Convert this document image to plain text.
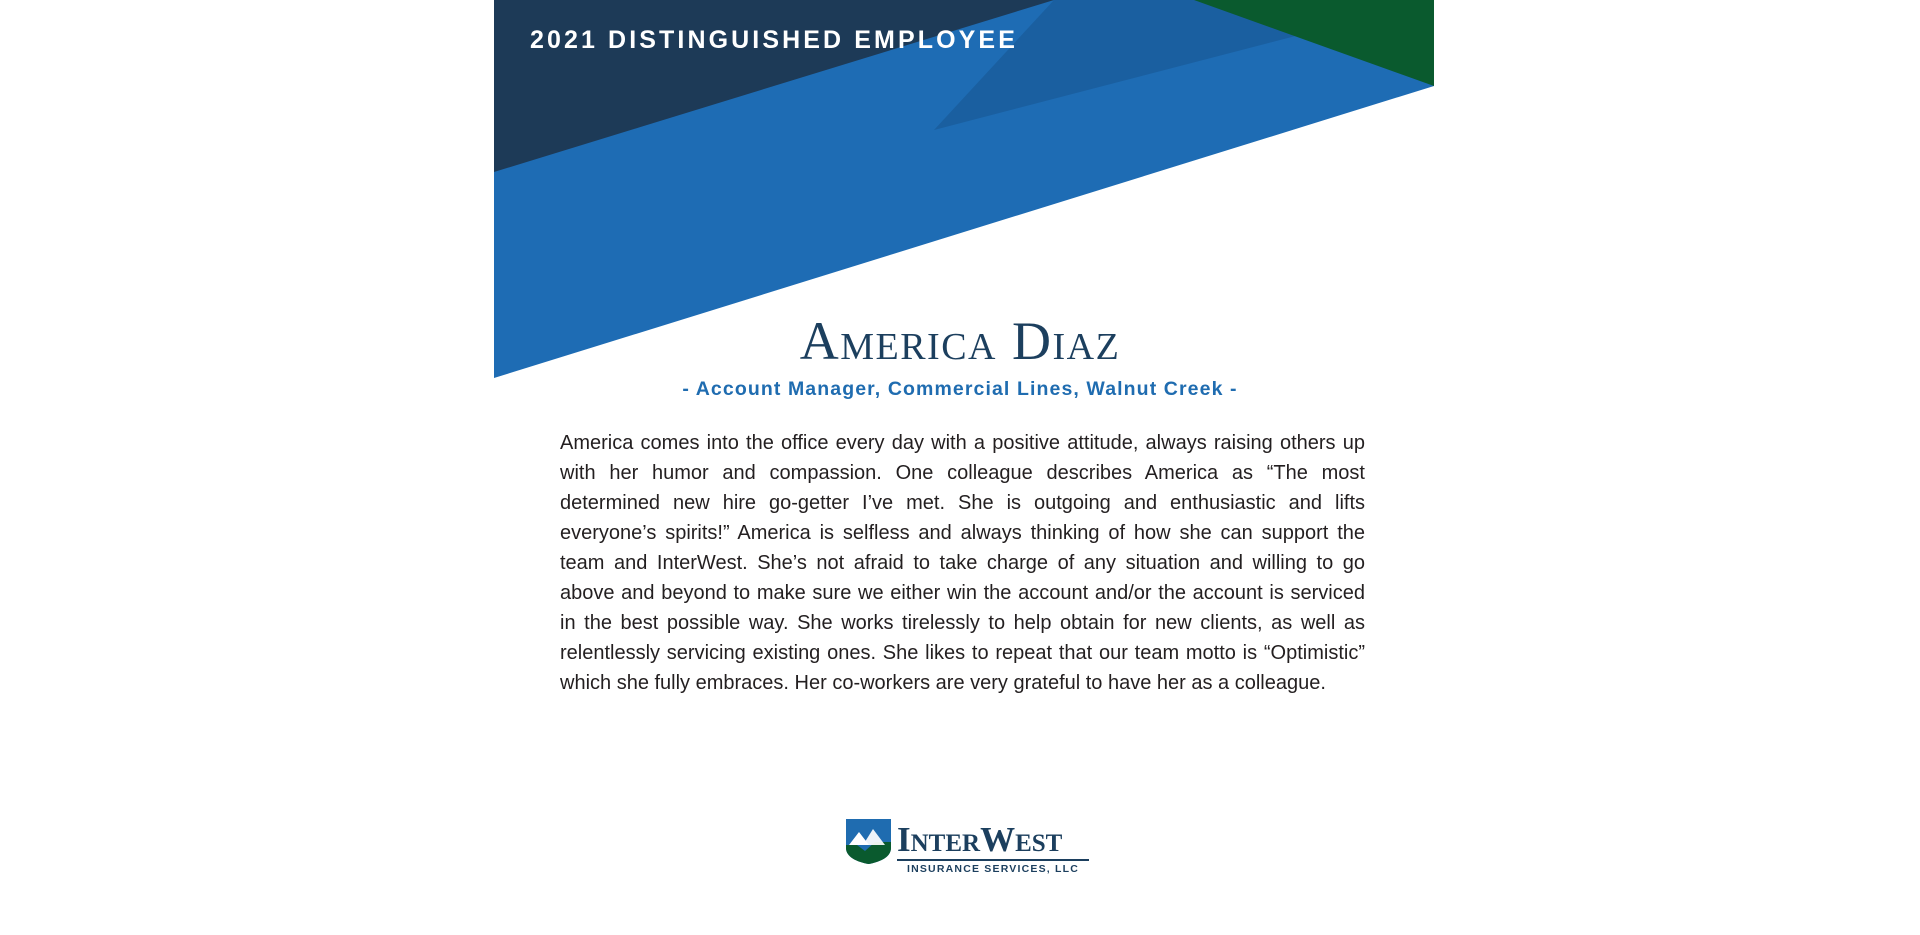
2021 DISTINGUISHED EMPLOYEE
America Diaz
- Account Manager, Commercial Lines, Walnut Creek -
America comes into the office every day with a positive attitude, always raising others up with her humor and compassion. One colleague describes America as “The most determined new hire go-getter I’ve met. She is outgoing and enthusiastic and lifts everyone’s spirits!” America is selfless and always thinking of how she can support the team and InterWest. She’s not afraid to take charge of any situation and willing to go above and beyond to make sure we either win the account and/or the account is serviced in the best possible way. She works tirelessly to help obtain for new clients, as well as relentlessly servicing existing ones. She likes to repeat that our team motto is “Optimistic” which she fully embraces. Her co-workers are very grateful to have her as a colleague.
InterWest
INSURANCE SERVICES, LLC
